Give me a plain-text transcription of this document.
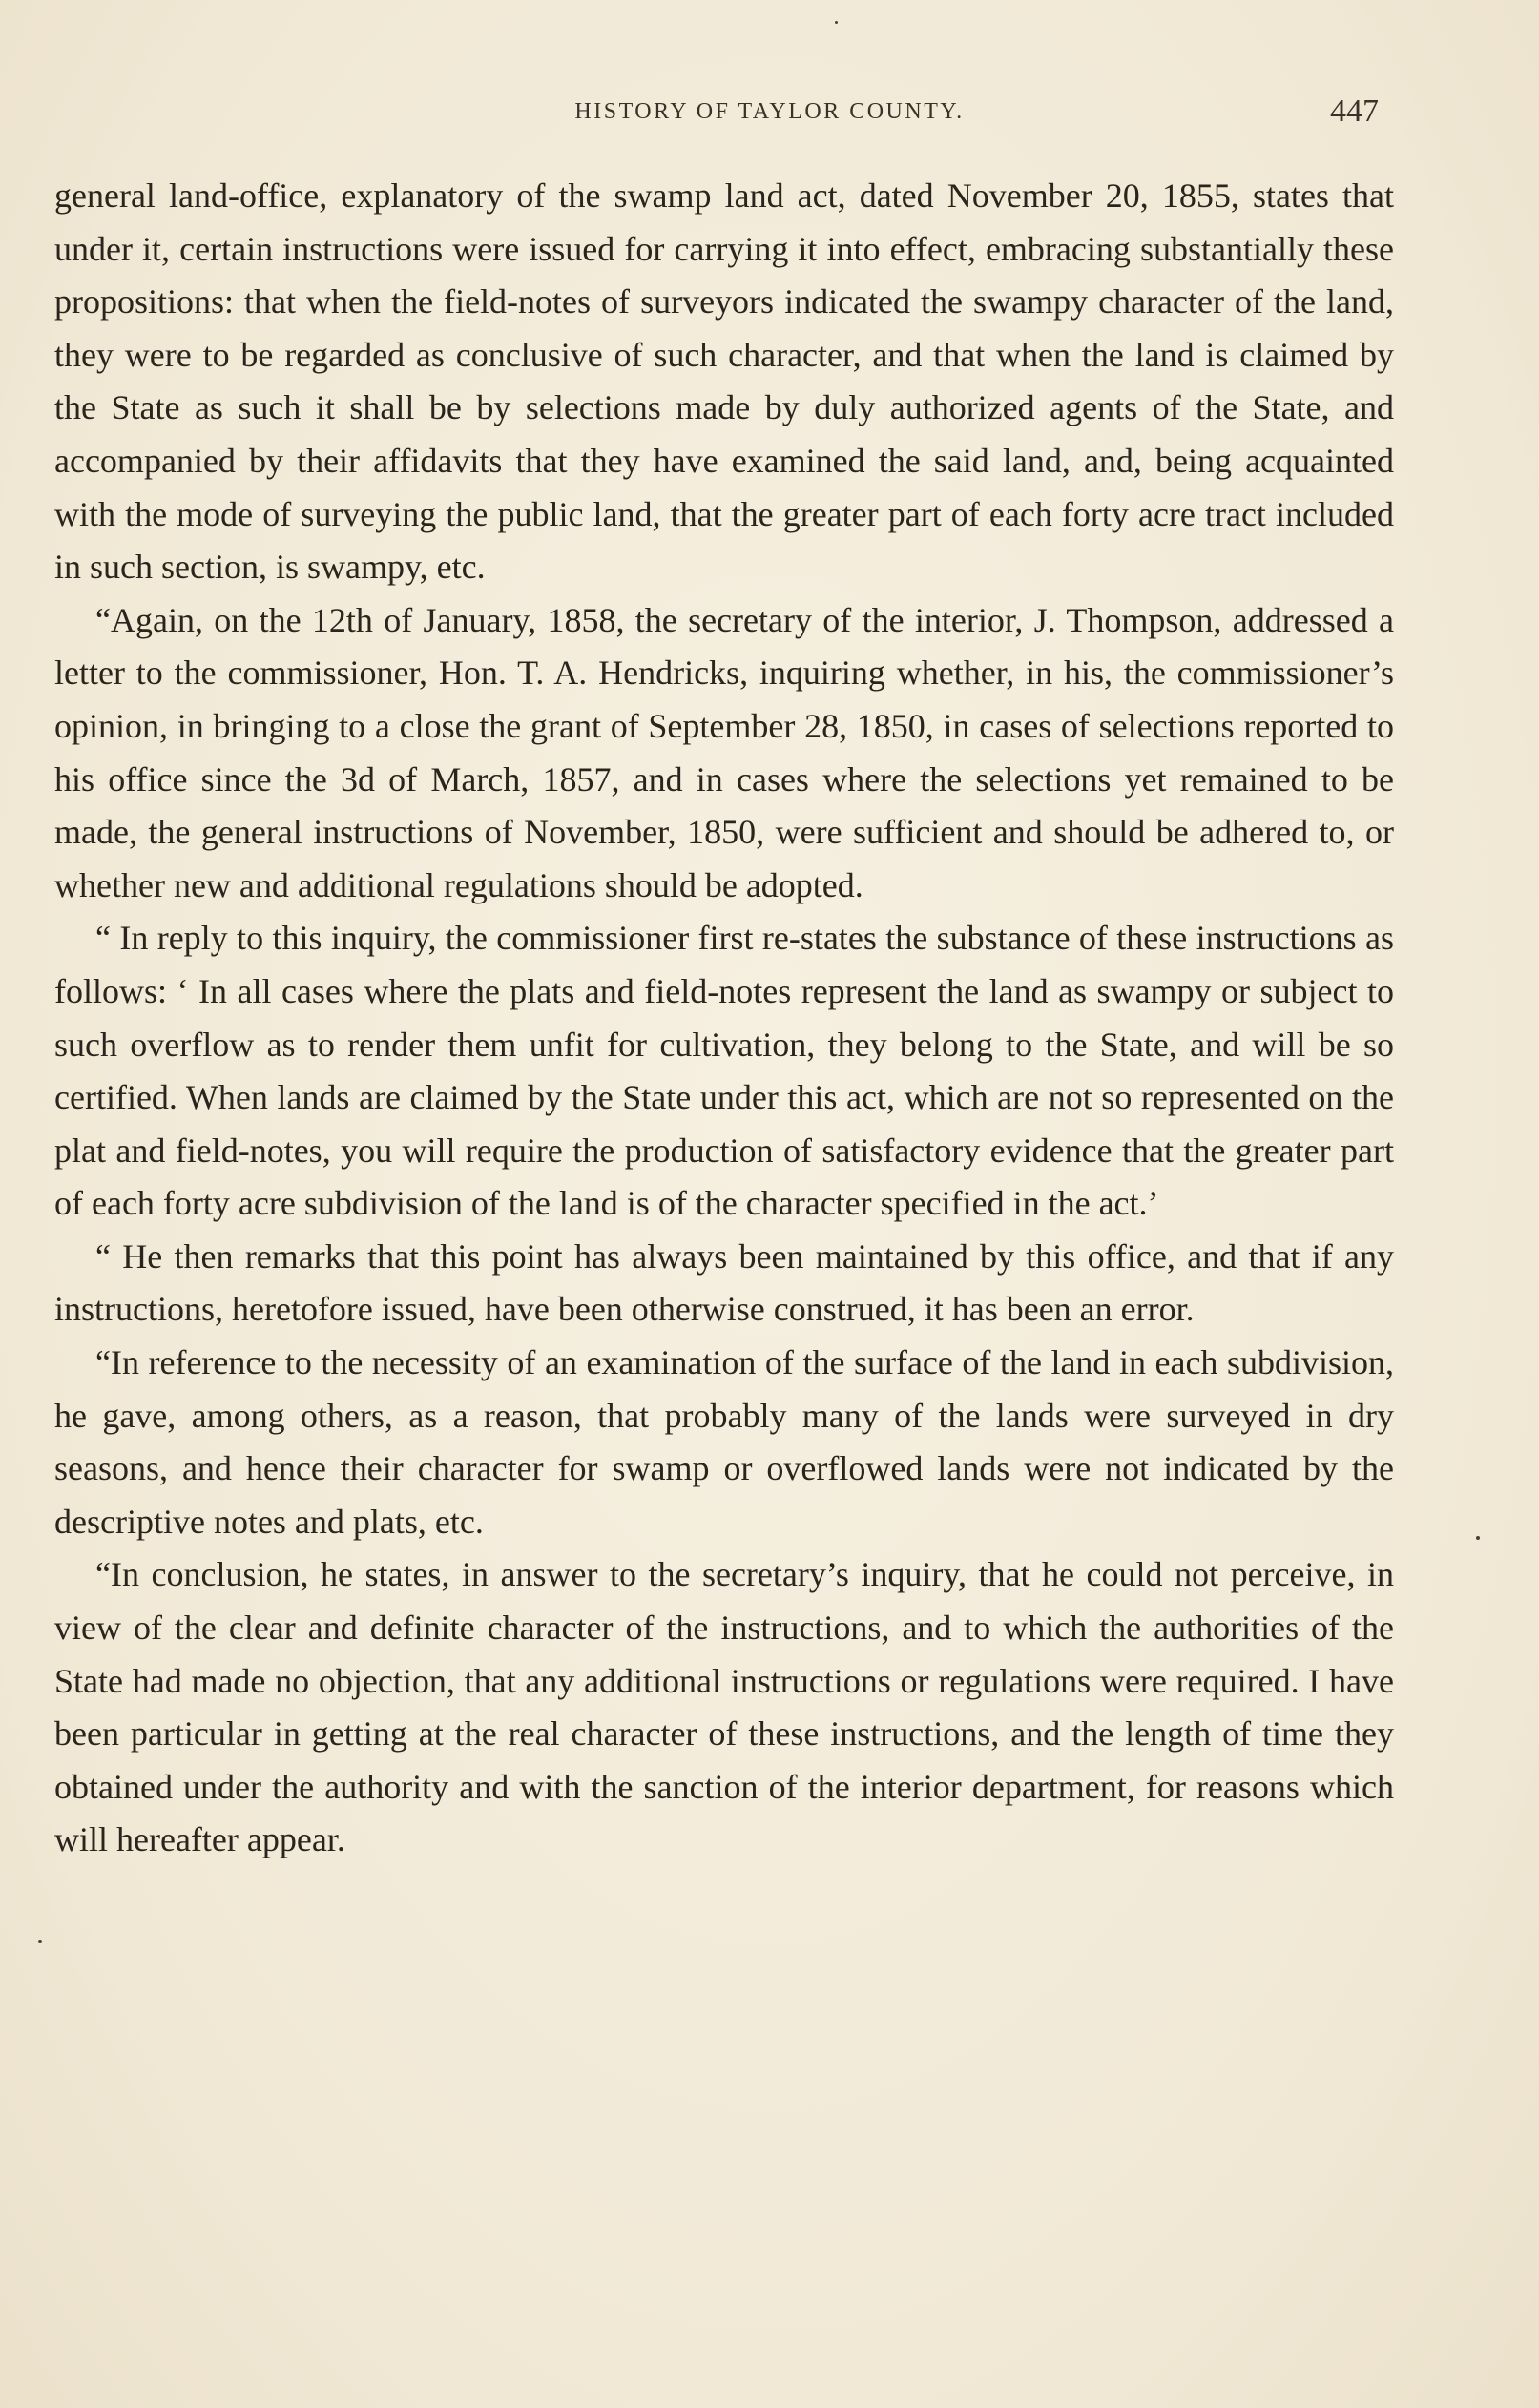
HISTORY OF TAYLOR COUNTY.	447

general land-office, explanatory of the swamp land act, dated November 20, 1855, states that under it, certain instructions were issued for carrying it into effect, embracing substantially these propositions: that when the field-notes of surveyors indicated the swampy character of the land, they were to be regarded as conclusive of such character, and that when the land is claimed by the State as such it shall be by selections made by duly authorized agents of the State, and accompanied by their affidavits that they have examined the said land, and, being acquainted with the mode of surveying the public land, that the greater part of each forty acre tract included in such section, is swampy, etc.

“Again, on the 12th of January, 1858, the secretary of the interior, J. Thompson, addressed a letter to the commissioner, Hon. T. A. Hendricks, inquiring whether, in his, the commissioner’s opinion, in bringing to a close the grant of September 28, 1850, in cases of selections reported to his office since the 3d of March, 1857, and in cases where the selections yet remained to be made, the general instructions of November, 1850, were sufficient and should be adhered to, or whether new and additional regulations should be adopted.

“ In reply to this inquiry, the commissioner first re-states the substance of these instructions as follows: ‘ In all cases where the plats and field-notes represent the land as swampy or subject to such overflow as to render them unfit for cultivation, they belong to the State, and will be so certified. When lands are claimed by the State under this act, which are not so represented on the plat and field-notes, you will require the production of satisfactory evidence that the greater part of each forty acre subdivision of the land is of the character specified in the act.’

“ He then remarks that this point has always been maintained by this office, and that if any instructions, heretofore issued, have been otherwise construed, it has been an error.

“In reference to the necessity of an examination of the surface of the land in each subdivision, he gave, among others, as a reason, that probably many of the lands were surveyed in dry seasons, and hence their character for swamp or overflowed lands were not indicated by the descriptive notes and plats, etc.

“In conclusion, he states, in answer to the secretary’s inquiry, that he could not perceive, in view of the clear and definite character of the instructions, and to which the authorities of the State had made no objection, that any additional instructions or regulations were required. I have been particular in getting at the real character of these instructions, and the length of time they obtained under the authority and with the sanction of the interior department, for reasons which will hereafter appear.
